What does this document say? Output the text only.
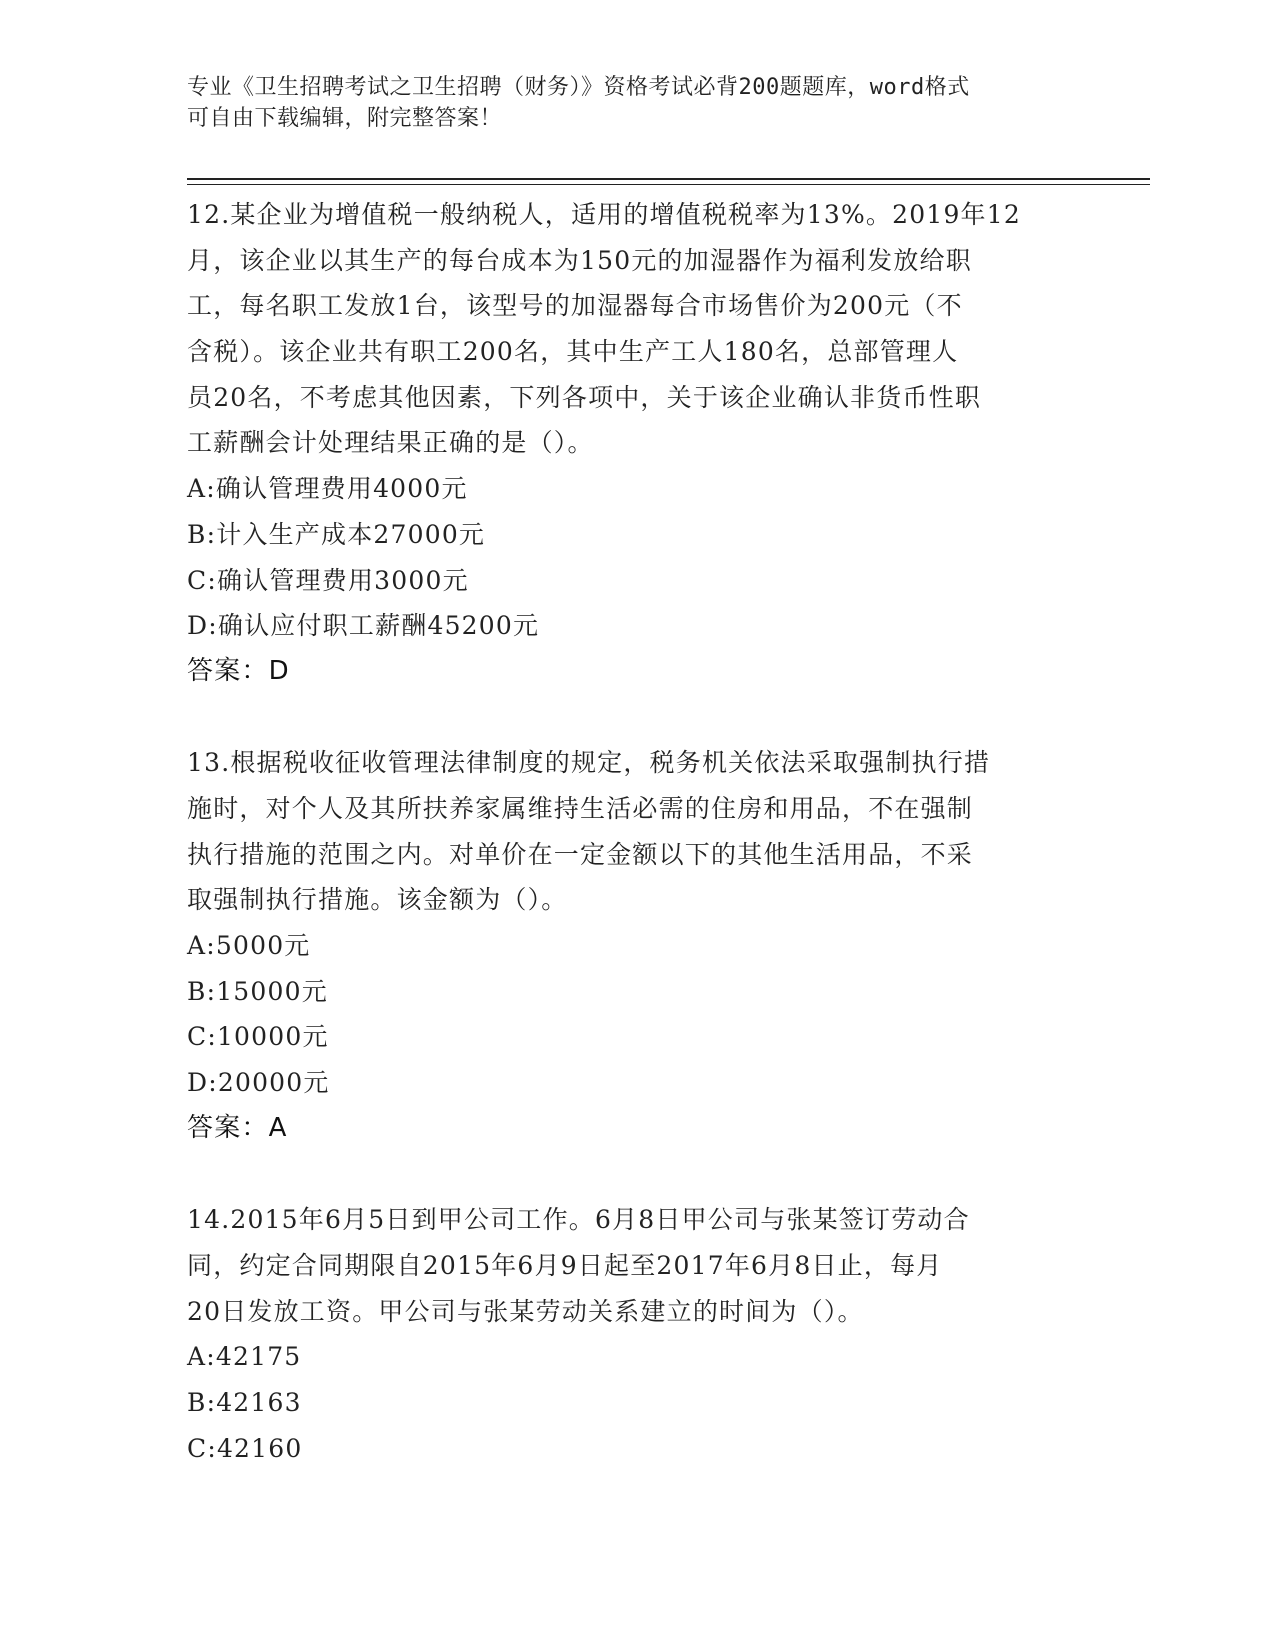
专业《卫生招聘考试之卫生招聘（财务）》资格考试必背200题题库，word格式
可自由下载编辑，附完整答案！
12.某企业为增值税一般纳税人，适用的增值税税率为13%。2019年12
月，该企业以其生产的每台成本为150元的加湿器作为福利发放给职
工，每名职工发放1台，该型号的加湿器每合市场售价为200元（不
含税）。该企业共有职工200名，其中生产工人180名，总部管理人
员20名，不考虑其他因素，下列各项中，关于该企业确认非货币性职
工薪酬会计处理结果正确的是（）。
A:确认管理费用4000元
B:计入生产成本27000元
C:确认管理费用3000元
D:确认应付职工薪酬45200元
答案：D
13.根据税收征收管理法律制度的规定，税务机关依法采取强制执行措
施时，对个人及其所扶养家属维持生活必需的住房和用品，不在强制
执行措施的范围之内。对单价在一定金额以下的其他生活用品，不采
取强制执行措施。该金额为（）。
A:5000元
B:15000元
C:10000元
D:20000元
答案：A
14.2015年6月5日到甲公司工作。6月8日甲公司与张某签订劳动合
同，约定合同期限自2015年6月9日起至2017年6月8日止，每月
20日发放工资。甲公司与张某劳动关系建立的时间为（）。
A:42175
B:42163
C:42160
